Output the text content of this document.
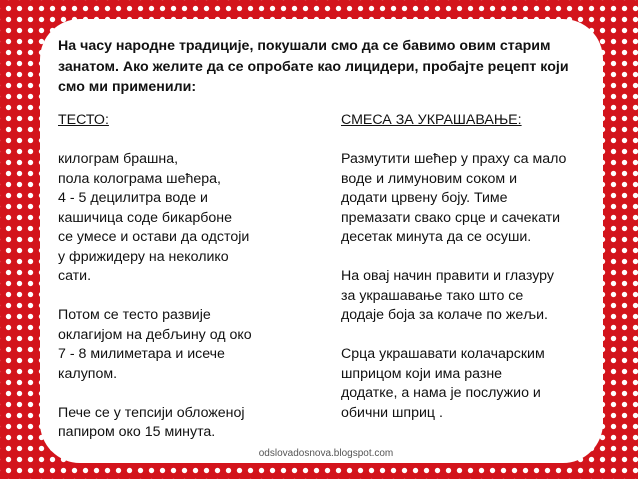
На часу народне традиције, покушали смо да се бавимо овим старим
занатом. Ако желите да се опробате као лицидери, пробајте рецепт који
смо ми применили:
ТЕСТО:
килограм брашна,
пола кологрaма шећера,
4 - 5 децилитра воде и
кашичица соде бикарбоне
се умесе и остави да одстоји
у фрижидеру на неколико
сати.
Потом се тесто развије
оклагијом на дебљину од око
7 - 8 милиметара и исече
калупом.
Пече се у тепсији обложеној
папиром око 15 минута.
СМЕСА ЗА УКРАШАВАЊЕ:
Размутити шећер у праху са мало
воде и лимуновим соком и
додати црвену боју. Тиме
премазати свако срце и сачекати
десетак минута да се осуши.
На овај начин правити и глазуру
за украшавање тако што се
додаје боја за колаче по жељи.
Срца украшавати колачарским
шприцом који има разне
додатке, а нама је послужио и
обични шприц .
odslovadosnova.blogspot.com
